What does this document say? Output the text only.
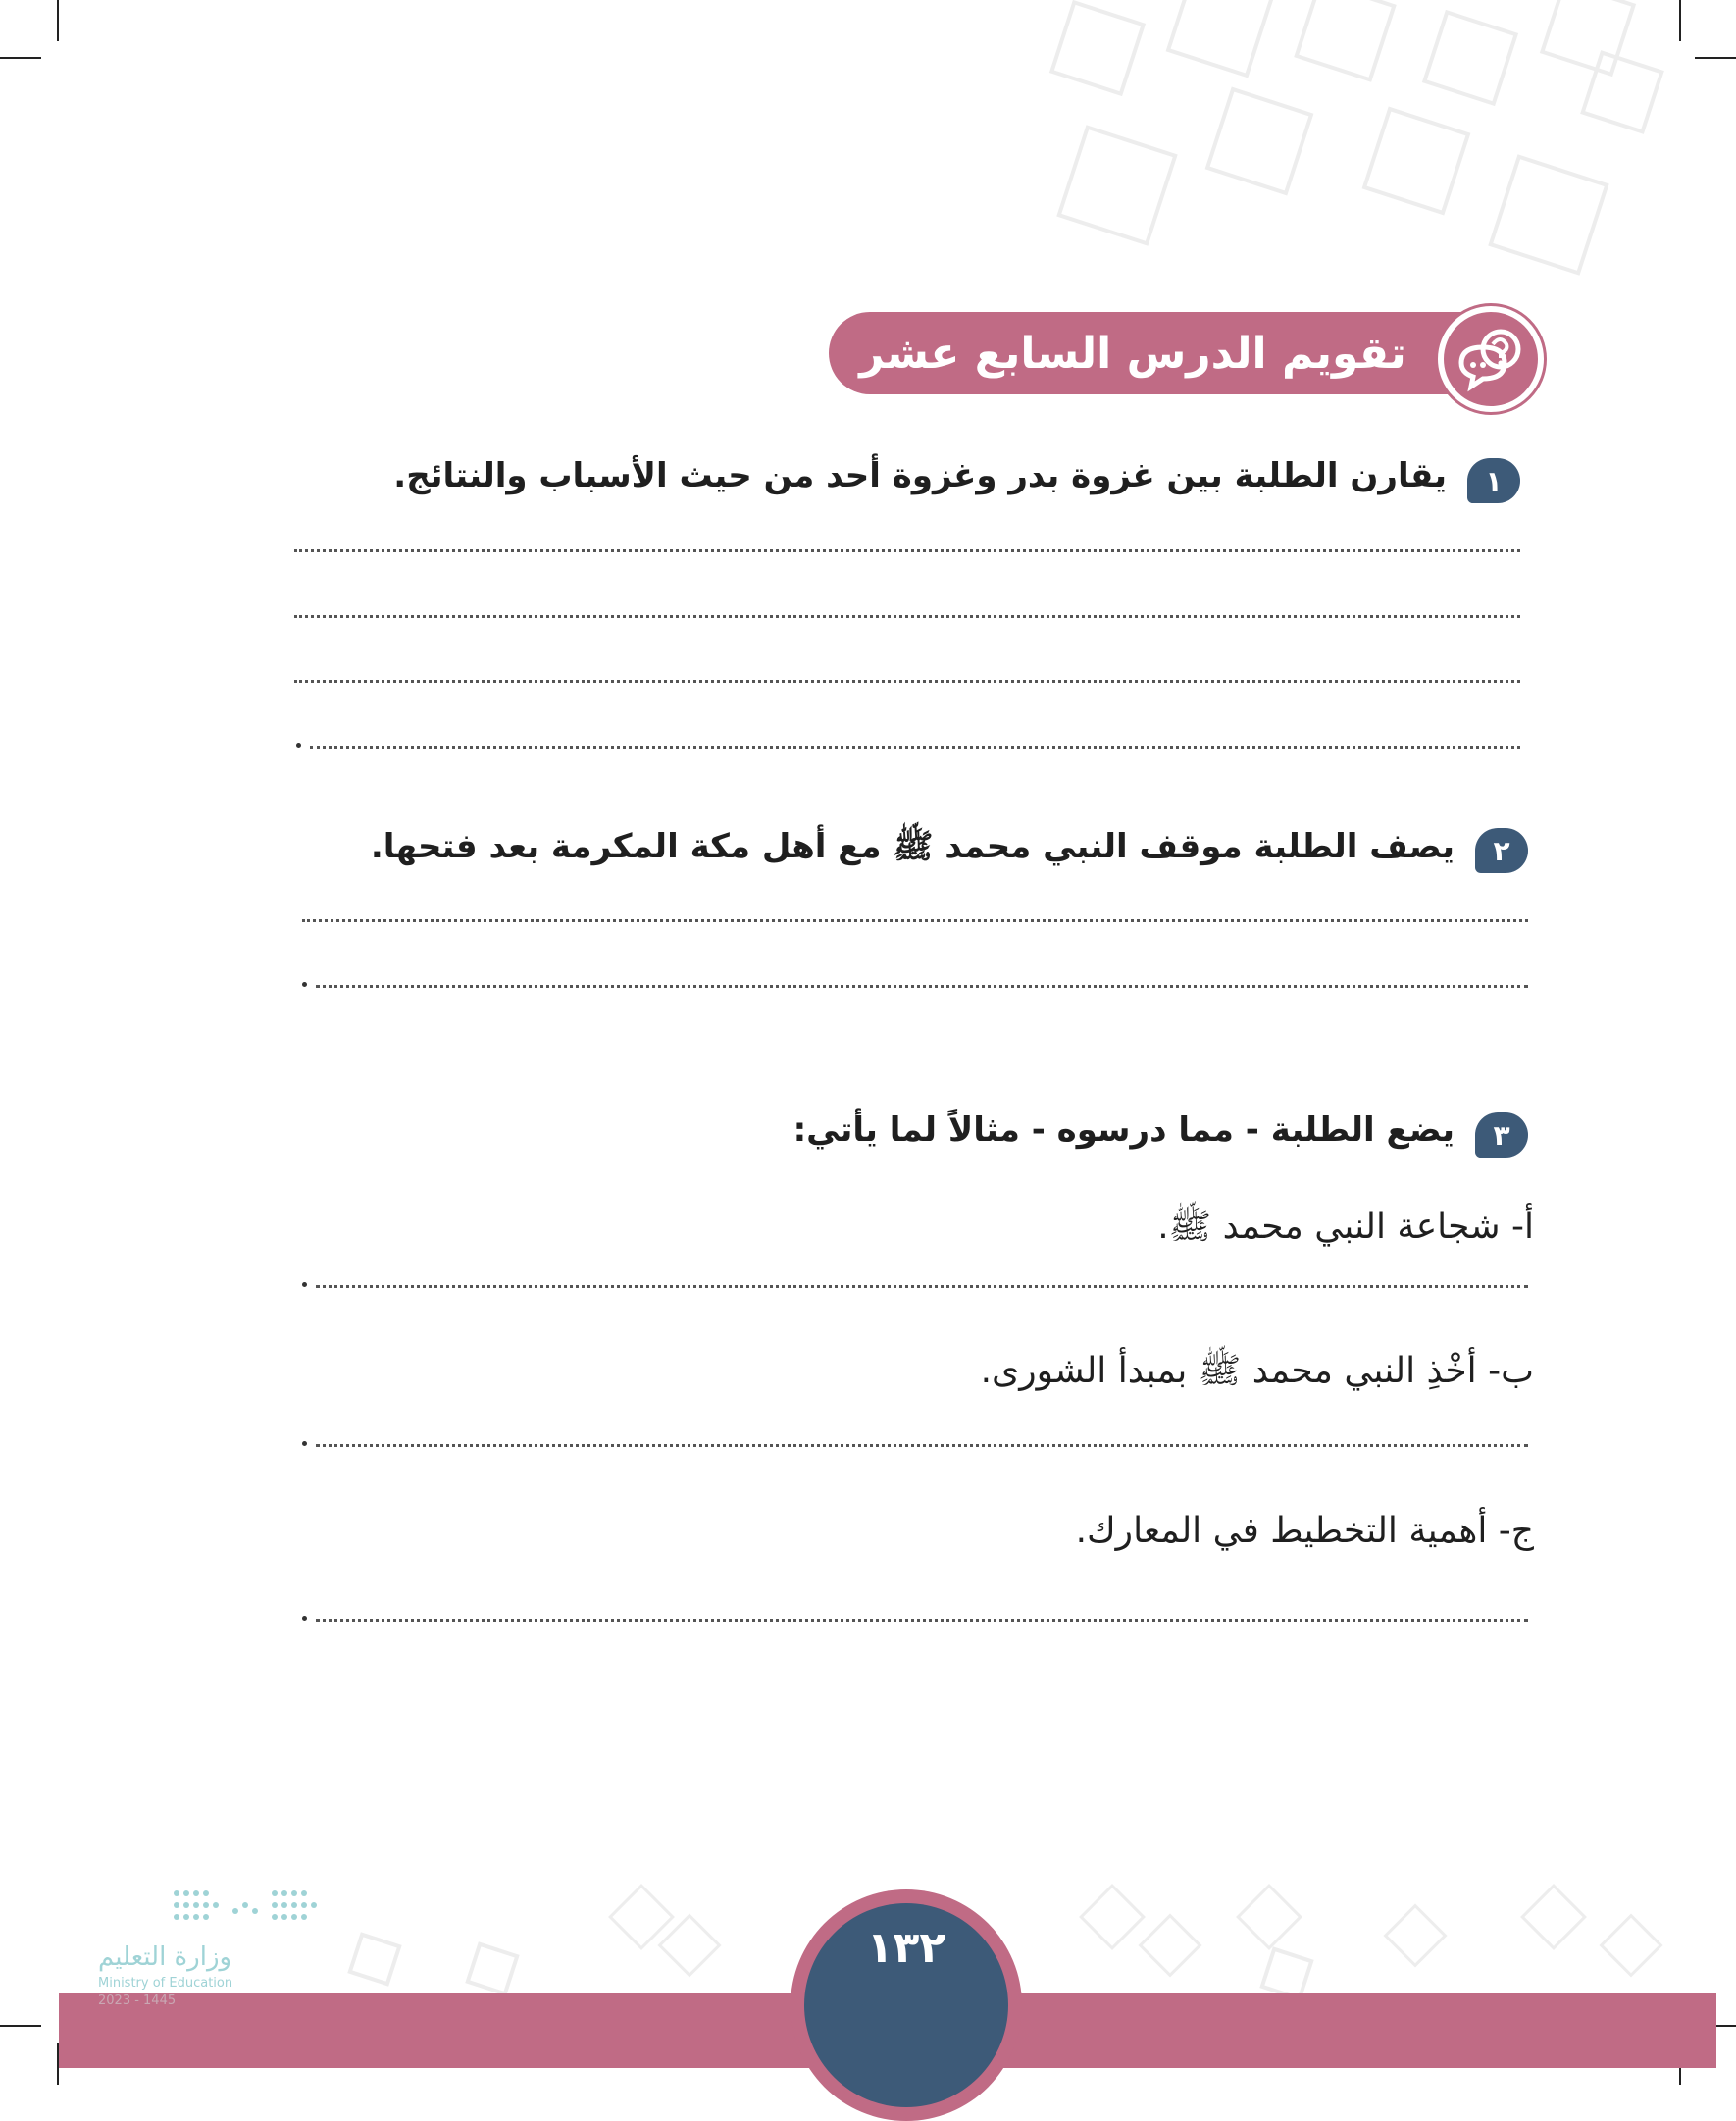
تقويم الدرس السابع عشر
١
يقارن الطلبة بين غزوة بدر وغزوة أحد من حيث الأسباب والنتائج.
٢
يصف الطلبة موقف النبي محمد ﷺ مع أهل مكة المكرمة بعد فتحها.
٣
يضع الطلبة - مما درسوه - مثالاً لما يأتي:
أ- شجاعة النبي محمد ﷺ.
ب- أخْذِ النبي محمد ﷺ بمبدأ الشورى.
ج- أهمية التخطيط في المعارك.
١٣٢
وزارة التعليم
Ministry of Education
2023 - 1445
